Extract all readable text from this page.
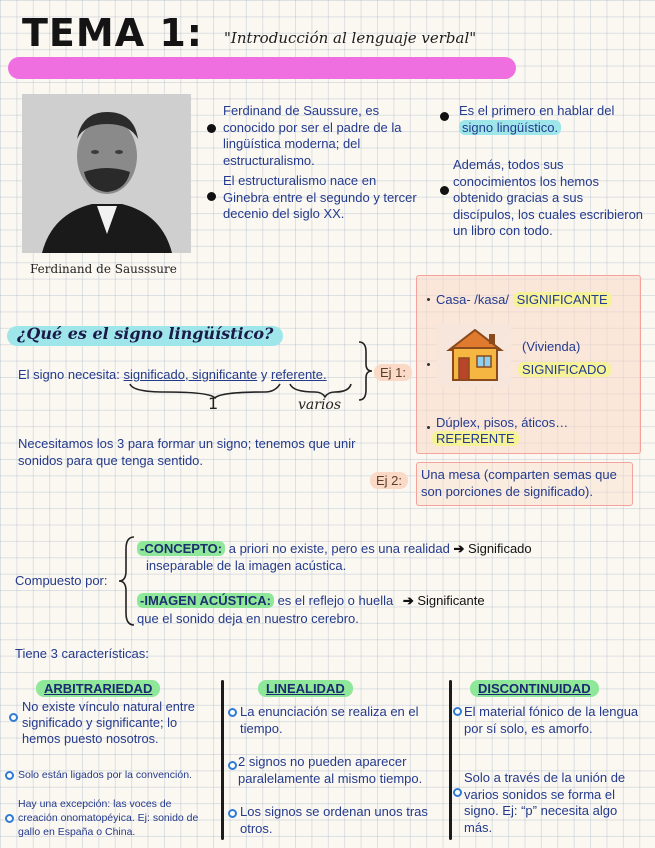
TEMA 1: "Introducción al lenguaje verbal"
Ferdinand de Sausssure
Ferdinand de Saussure, es conocido por ser el padre de la lingüística moderna; del estructuralismo.
El estructuralismo nace en Ginebra entre el segundo y tercer decenio del siglo XX.
Es el primero en hablar del
signo lingüístico.
Además, todos sus conocimientos los hemos obtenido gracias a sus discípulos, los cuales escribieron un libro con todo.
¿Qué es el signo lingüístico?
El signo necesita: significado, significante y referente.
1	varios
Necesitamos los 3 para formar un signo; tenemos que unir sonidos para que tenga sentido.
Ej 1:
Casa- /kasa/ SIGNIFICANTE
(Vivienda)
SIGNIFICADO
Dúplex, pisos, áticos…
REFERENTE
Ej 2:	Una mesa (comparten semas que son porciones de significado).
Compuesto por:
-CONCEPTO: a priori no existe, pero es una realidad ➔ Significado
inseparable de la imagen acústica.
-IMAGEN ACÚSTICA: es el reflejo o huella ➔ Significante
que el sonido deja en nuestro cerebro.
Tiene 3 características:
ARBITRARIEDAD
No existe vínculo natural entre significado y significante; lo hemos puesto nosotros.
Solo están ligados por la convención.
Hay una excepción: las voces de creación onomatopéyica. Ej: sonido de gallo en España o China.
LINEALIDAD
La enunciación se realiza en el tiempo.
2 signos no pueden aparecer paralelamente al mismo tiempo.
Los signos se ordenan unos tras otros.
DISCONTINUIDAD
El material fónico de la lengua por sí solo, es amorfo.
Solo a través de la unión de varios sonidos se forma el signo. Ej: “p” necesita algo más.
